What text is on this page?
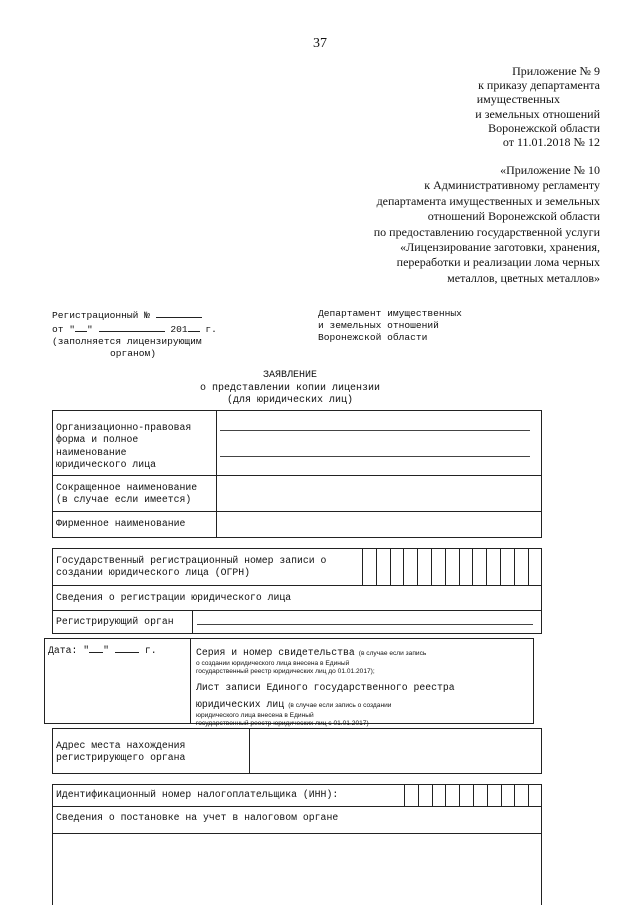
37
Приложение № 9
к приказу департамента
имущественных
и земельных отношений
Воронежской области
от 11.01.2018 № 12
«Приложение № 10
к Административному регламенту
департамента имущественных и земельных
отношений Воронежской области
по предоставлению государственной услуги
«Лицензирование заготовки, хранения,
переработки и реализации лома черных
металлов, цветных металлов»
Регистрационный №
от " "	201 г.
(заполняется лицензирующим
органом)
Департамент имущественных
и земельных отношений
Воронежской области
ЗАЯВЛЕНИЕ
о представлении копии лицензии
(для юридических лиц)
Организационно-правовая
форма и полное
наименование
юридического лица
Сокращенное наименование
(в случае если имеется)
Фирменное наименование
Государственный регистрационный номер записи о
создании юридического лица (ОГРН)
Сведения о регистрации юридического лица
Регистрирующий орган
Дата: " "	г.	Серия и номер свидетельства (в случае если запись
о создании юридического лица внесена в Единый
государственный реестр юридических лиц до 01.01.2017);
Лист записи Единого государственного реестра
юридических лиц (в случае если запись о создании
юридического лица внесена в Единый
государственный реестр юридических лиц с 01.01.2017)
Адрес места нахождения
регистрирующего органа
Идентификационный номер налогоплательщика (ИНН):
Сведения о постановке на учет в налоговом органе
